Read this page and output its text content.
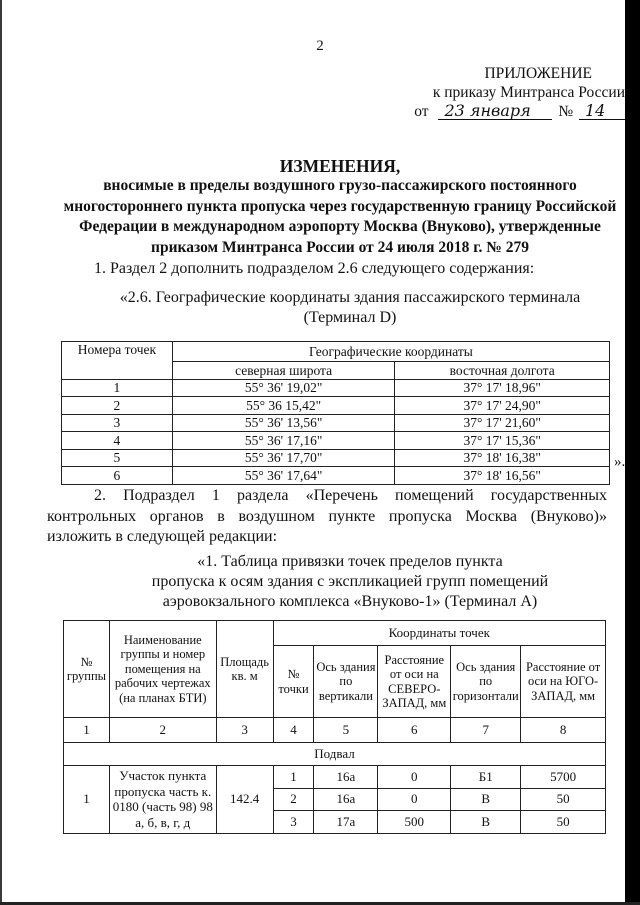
2
ПРИЛОЖЕНИЕ
к приказу Минтранса России
от 23 января № 14
ИЗМЕНЕНИЯ,
вносимые в пределы воздушного грузо-пассажирского постоянного
многостороннего пункта пропуска через государственную границу Российской
Федерации в международном аэропорту Москва (Внуково), утвержденные
приказом Минтранса России от 24 июля 2018 г. № 279
1. Раздел 2 дополнить подразделом 2.6 следующего содержания:
«2.6. Географические координаты здания пассажирского терминала
(Терминал D)
Номера точек	Географические координаты	
	северная широта	восточная долгота
1	55° 36' 19,02"	37° 17' 18,96"
2	55° 36 15,42"	37° 17' 24,90"
3	55° 36' 13,56"	37° 17' 21,60"
4	55° 36' 17,16"	37° 17' 15,36"
5	55° 36' 17,70"	37° 18' 16,38"
6	55° 36' 17,64"	37° 18' 16,56"
».
2. Подраздел 1 раздела «Перечень помещений государственных контрольных органов в воздушном пункте пропуска Москва (Внуково)» изложить в следующей редакции:
«1. Таблица привязки точек пределов пункта
пропуска к осям здания с экспликацией групп помещений
аэровокзального комплекса «Внуково-1» (Терминал А)
№ группы	Наименование группы и номер помещения на рабочих чертежах (на планах БТИ)	Площадь кв. м	Координаты точек				
			№ точки	Ось здания по вертикали	Расстояние от оси на СЕВЕРО-ЗАПАД, мм	Ось здания по горизонтали	Расстояние от оси на ЮГО-ЗАПАД, мм
1	2	3	4	5	6	7	8
Подвал							
1	Участок пункта пропуска часть к. 0180 (часть 98) 98 а, б, в, г, д	142.4	1	16а	0	Б1	5700
			2	16а	0	В	50
			3	17а	500	В	50
